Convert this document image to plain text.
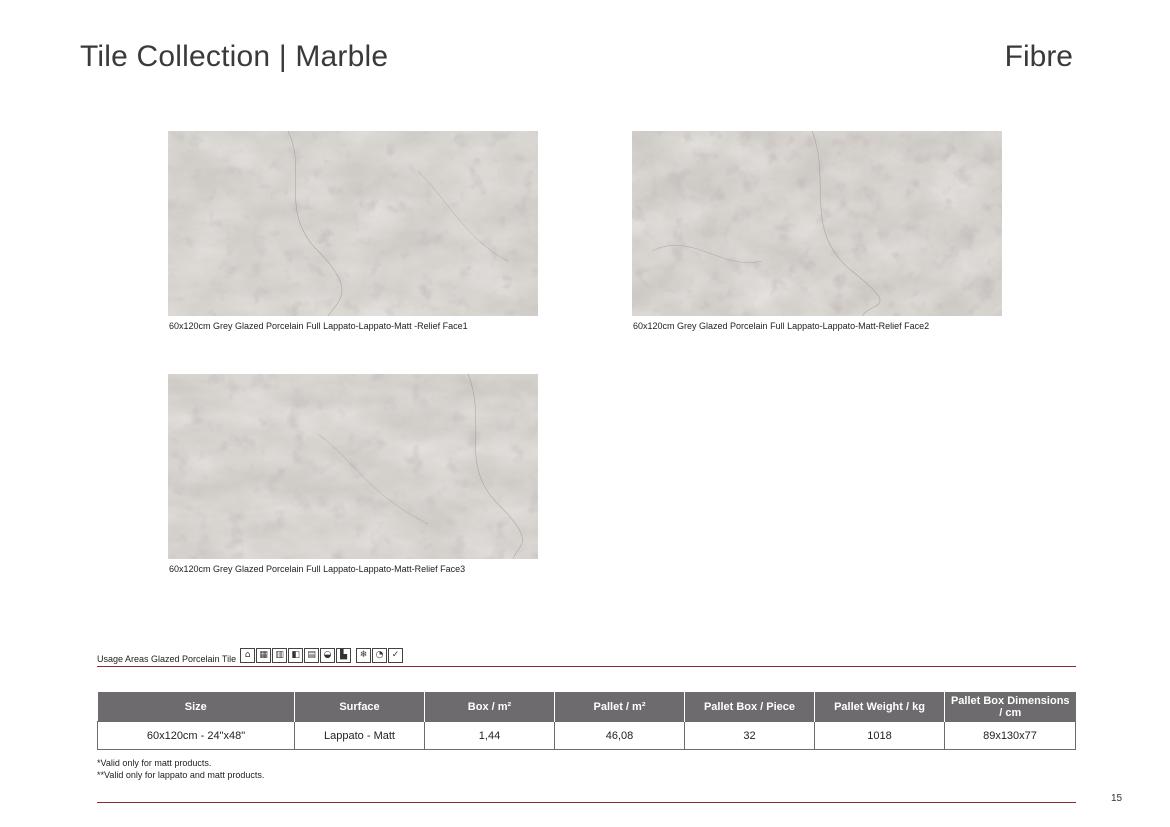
Tile Collection | Marble	Fibre
60x120cm Grey Glazed Porcelain Full Lappato-Lappato-Matt -Relief Face1	60x120cm Grey Glazed Porcelain Full Lappato-Lappato-Matt-Relief Face2
60x120cm Grey Glazed Porcelain Full Lappato-Lappato-Matt-Relief Face3
Usage Areas Glazed Porcelain Tile ⌂ ▦ ▥ ◧ ▤ ◒ ▙	❄ ◔ ✓
Size	Surface	Box / m²	Pallet / m²	Pallet Box / Piece	Pallet Weight / kg	Pallet Box Dimensions / cm
60x120cm - 24"x48"	Lappato - Matt	1,44	46,08	32	1018	89x130x77
*Valid only for matt products.
**Valid only for lappato and matt products.
15
